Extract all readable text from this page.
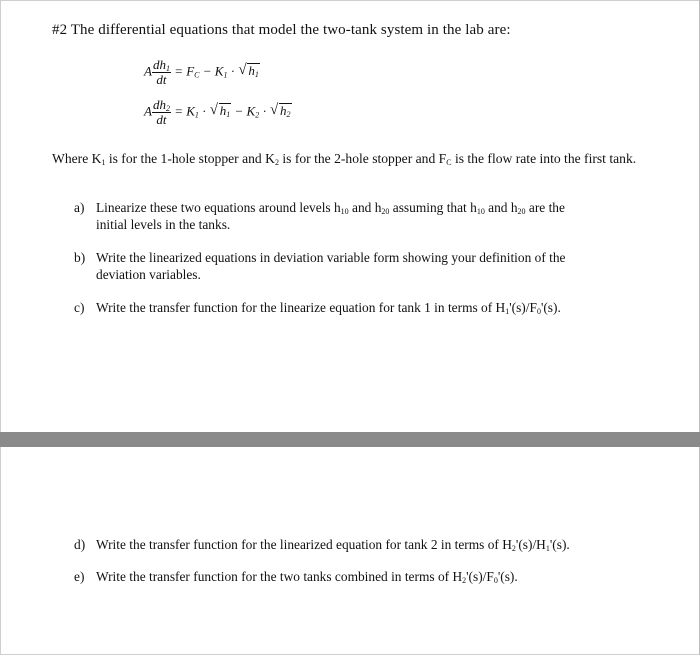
#2 The differential equations that model the two-tank system in the lab are:
A $\frac{dh_1}{dt} = F_C - K_1$ · √ $h_1$
A $\frac{dh_2}{dt} = K_1$ · √ $h_1 - K_2$ · √ $h_2$
Where $K_1$ is for the 1-hole stopper and $K_2$ is for the 2-hole stopper and $F_C$ is the flow rate into the first tank.
a) Linearize these two equations around levels $h_{10}$ and $h_{20}$ assuming that $h_{10}$ and $h_{20}$ are the
initial levels in the tanks.
b) Write the linearized equations in deviation variable form showing your definition of the
deviation variables.
c) Write the transfer function for the linearize equation for tank 1 in terms of $H_1'(s)/F_0'(s)$.
d) Write the transfer function for the linearized equation for tank 2 in terms of $H_2'(s)/H_1'(s)$.
e) Write the transfer function for the two tanks combined in terms of $H_2'(s)/F_0'(s)$.
